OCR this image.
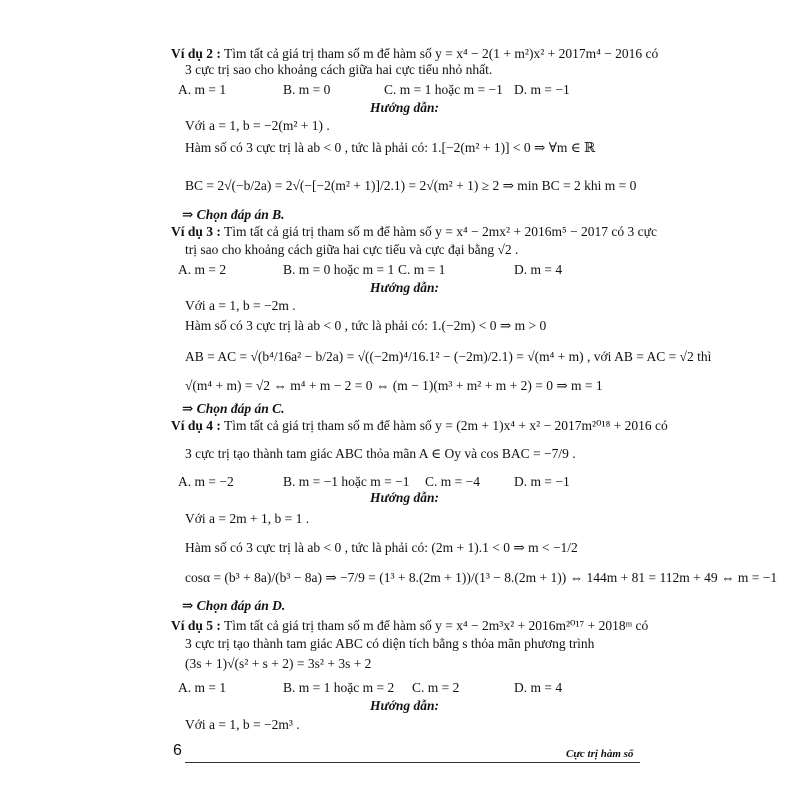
Ví dụ 2 : Tìm tất cả giá trị tham số m để hàm số y = x⁴ − 2(1 + m²)x² + 2017m⁴ − 2016 có
3 cực trị sao cho khoảng cách giữa hai cực tiểu nhỏ nhất.
A. m = 1	B. m = 0	C. m = 1 hoặc m = −1 D. m = −1
Hướng dẫn:
Với a = 1, b = −2(m² + 1) .
Hàm số có 3 cực trị là ab < 0 , tức là phải có: 1.[−2(m² + 1)] < 0 ⇒ ∀m ∈ ℝ
BC = 2√(−b/2a) = 2√(−[−2(m² + 1)]/2.1) = 2√(m² + 1) ≥ 2 ⇒ min BC = 2 khi m = 0
⇒ Chọn đáp án B.
Ví dụ 3 : Tìm tất cả giá trị tham số m để hàm số y = x⁴ − 2mx² + 2016m⁵ − 2017 có 3 cực
trị sao cho khoảng cách giữa hai cực tiểu và cực đại bằng √2 .
A. m = 2	B. m = 0 hoặc m = 1 C. m = 1	D. m = 4
Hướng dẫn:
Với a = 1, b = −2m .
Hàm số có 3 cực trị là ab < 0 , tức là phải có: 1.(−2m) < 0 ⇒ m > 0
AB = AC = √(b⁴/16a² − b/2a) = √((−2m)⁴/16.1² − (−2m)/2.1) = √(m⁴ + m) , với AB = AC = √2 thì
√(m⁴ + m) = √2 ⇔ m⁴ + m − 2 = 0 ⇔ (m − 1)(m³ + m² + m + 2) = 0 ⇒ m = 1
⇒ Chọn đáp án C.
Ví dụ 4 : Tìm tất cả giá trị tham số m để hàm số y = (2m + 1)x⁴ + x² − 2017m²⁰¹⁸ + 2016 có
3 cực trị tạo thành tam giác ABC thỏa mãn A ∈ Oy và cos BAC = −7/9 .
A. m = −2	B. m = −1 hoặc m = −1 C. m = −4	D. m = −1
Hướng dẫn:
Với a = 2m + 1, b = 1 .
Hàm số có 3 cực trị là ab < 0 , tức là phải có: (2m + 1).1 < 0 ⇒ m < −1/2
cosα = (b³ + 8a)/(b³ − 8a) ⇒ −7/9 = (1³ + 8.(2m + 1))/(1³ − 8.(2m + 1)) ⇔ 144m + 81 = 112m + 49 ⇔ m = −1
⇒ Chọn đáp án D.
Ví dụ 5 : Tìm tất cả giá trị tham số m để hàm số y = x⁴ − 2m³x² + 2016m²⁰¹⁷ + 2018ᵐ có
3 cực trị tạo thành tam giác ABC có diện tích bằng s thỏa mãn phương trình
(3s + 1)√(s² + s + 2) = 3s² + 3s + 2
A. m = 1	B. m = 1 hoặc m = 2 C. m = 2	D. m = 4
Hướng dẫn:
Với a = 1, b = −2m³ .
6	Cực trị hàm số
